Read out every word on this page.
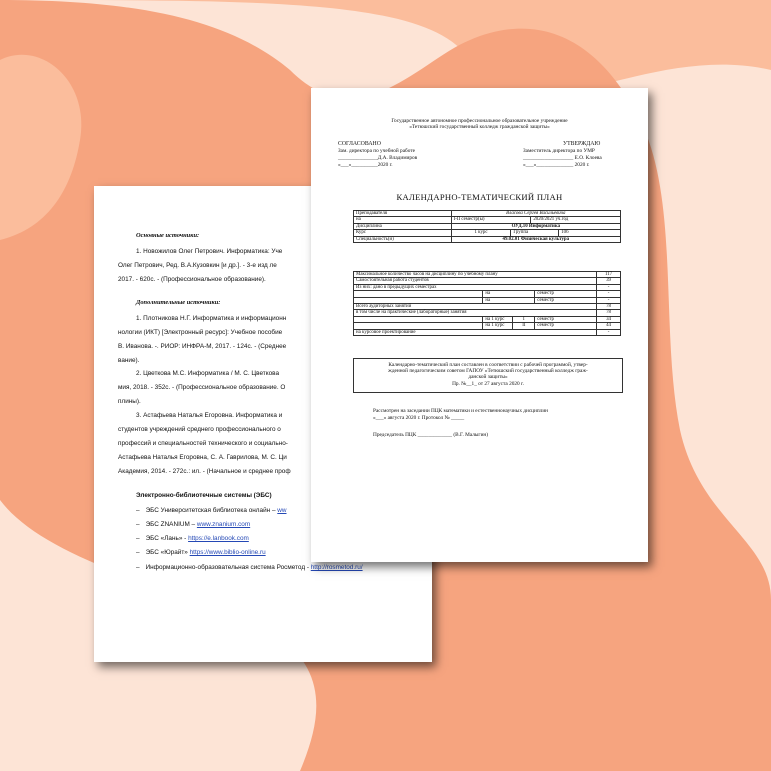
Основные источники:
1. Новожилов Олег Петрович. Информатика: Уче
Олег Петрович, Ред. В.А.Кузовкин [и др.]. - 3-е изд ле
2017. - 620с. - (Профессиональное образование).
Дополнительные источники:
1. Плотникова Н.Г. Информатика и информационн
нологии (ИКТ) [Электронный ресурс]: Учебное пособие
В. Иванова. -. РИОР: ИНФРА-М, 2017. - 124с. - (Среднее
вание).
2. Цветкова М.С. Информатика / М. С. Цветкова
мия, 2018. - 352с. - (Профессиональное образование. О
плины).
3. Астафьева Наталья Егоровна. Информатика и
студентов учреждений среднего профессионального о
профессий и специальностей технического и социально-
Астафьева Наталья Егоровна, С. А. Гаврилова, М. С. Ци
Академия, 2014. - 272с.: ил. - (Начальное и среднее проф
Электронно-библиотечные системы (ЭБС)
– ЭБС Университетская библиотека онлайн – ww
– ЭБС ZNANIUM – www.znanium.com
– ЭБС «Лань» - https://e.lanbook.com
– ЭБС «Юрайт» https://www.biblio-online.ru
– Информационно-образовательная система Росметод - http://rosmetod.ru/
Государственное автономное профессиональное образовательное учреждение
«Тетюшский государственный колледж гражданской защиты»
СОГЛАСОВАНО
Зам. директора по учебной работе
_______________Д.А. Владимиров
«___»__________2020 г.
УТВЕРЖДАЮ
Заместитель директора по УМР
___________________ Е.О. Клоева
«___»______________ 2020 г.
КАЛЕНДАРНО-ТЕМАТИЧЕСКИЙ ПЛАН
Преподавателя	Власова Сергея Васильевича			
на	I-II семестр(ы)		2020/2021 уч.год	
Дисциплина	ОУД.10 Информатика			
Курс	1 курс	Группа		106
Специальность(и)	49.02.01 Физическая культура			
Максимальное количество часов на дисциплину по учебному плану				117
Самостоятельная работа студентов				39
Из них: дано в предыдущих семестрах				-
	на		семестр	-
	на		семестр	-
Всего аудиторных занятий				78
в том числе на практические (лабораторные) занятия				78
	на 1 курс	I	семестр	34
	на 1 курс	II	семестр	44
на курсовое проектирование				-
Календарно-тематический план составлен в соответствии с рабочей программой, утвер-
жденной педагогическим советом ГАПОУ «Тетюшский государственный колледж граж-
данской защиты»
Пр. №__1_ от 27 августа 2020 г.
Рассмотрен на заседании ПЦК математики и естественнонаучных дисциплин
«___» августа 2020 г. Протокол № _____
Председатель ПЦК _____________ (В.Г. Малыгин)
